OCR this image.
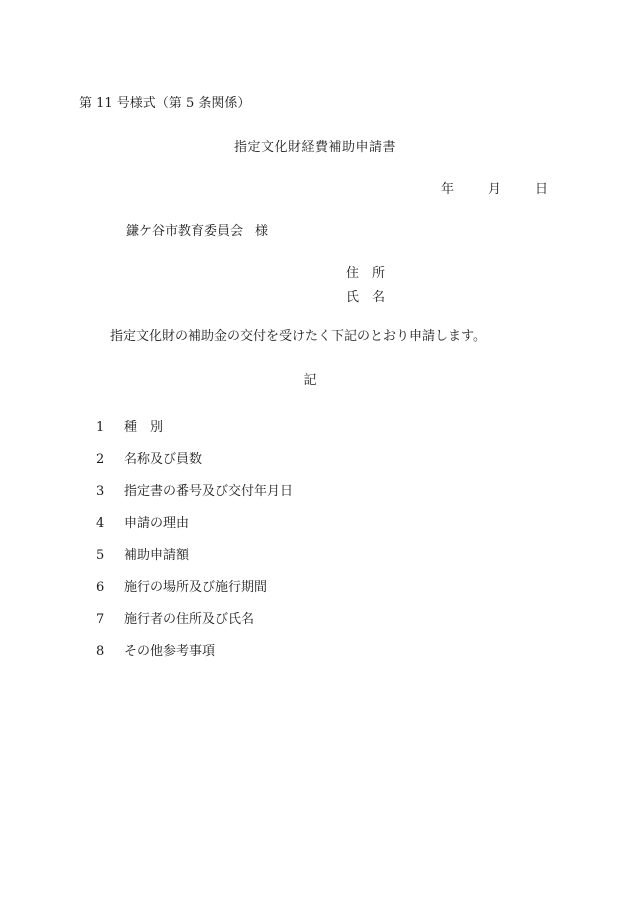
第 11 号様式（第 5 条関係）
指定文化財経費補助申請書
年	月	日
鎌ケ谷市教育委員会 様
住 所
氏 名
指定文化財の補助金の交付を受けたく下記のとおり申請します。
記
1 種 別
2 名称及び員数
3 指定書の番号及び交付年月日
4 申請の理由
5 補助申請額
6 施行の場所及び施行期間
7 施行者の住所及び氏名
8 その他参考事項
